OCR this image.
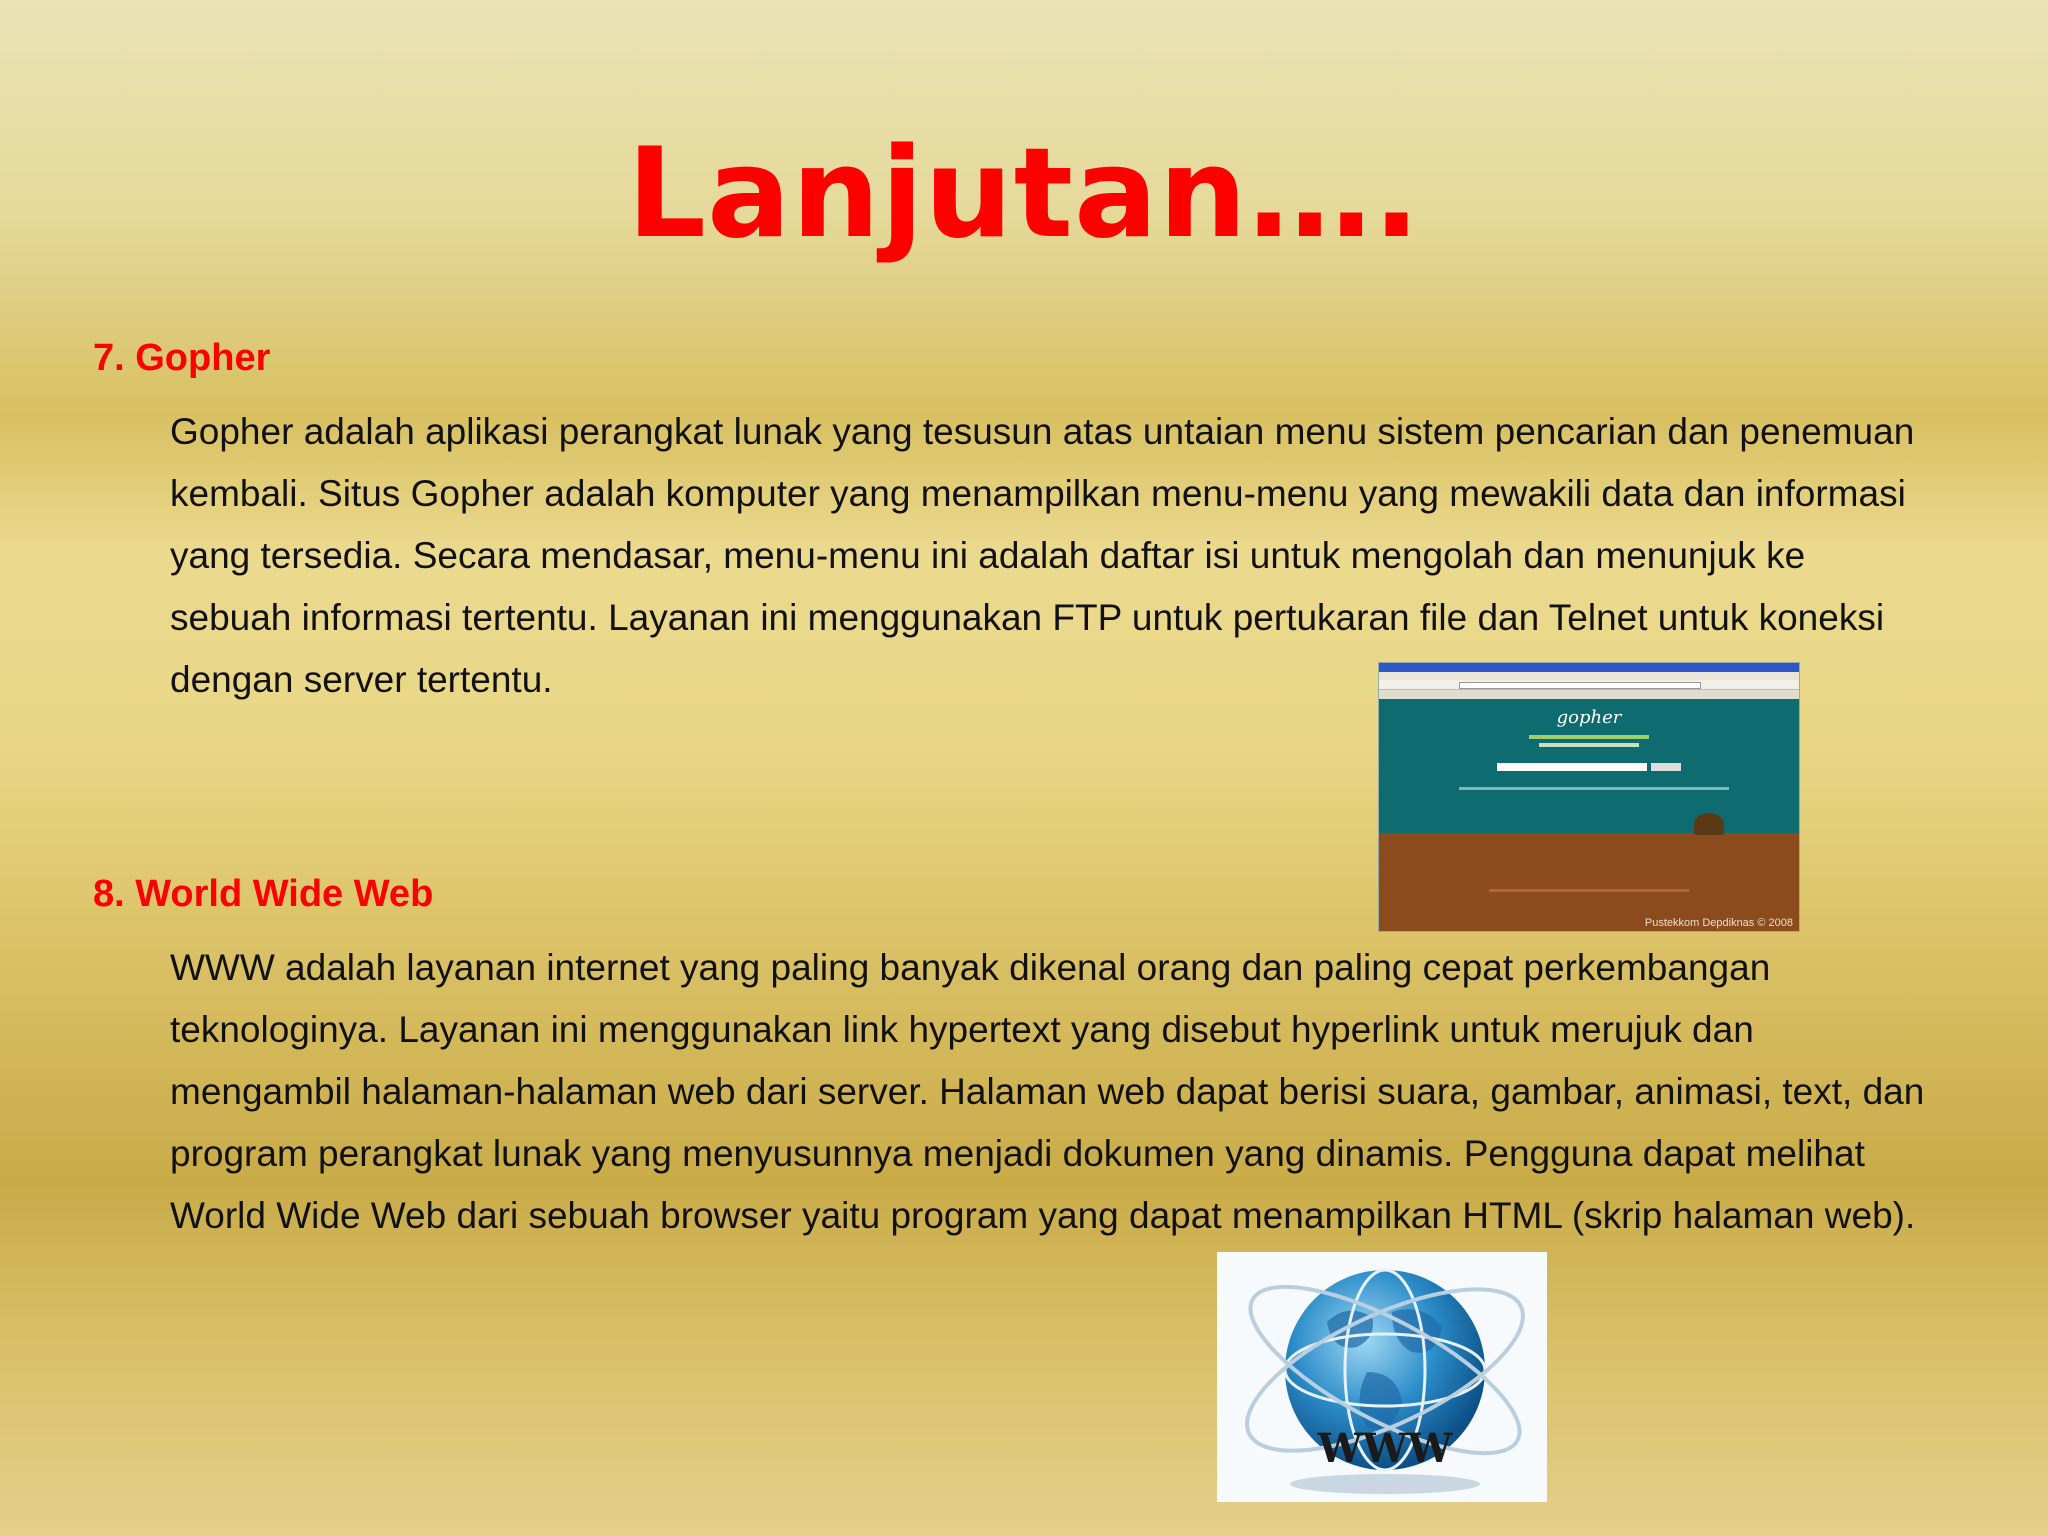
Lanjutan….
7. Gopher
Gopher adalah aplikasi perangkat lunak yang tesusun atas untaian menu sistem pencarian dan penemuan kembali. Situs Gopher adalah komputer yang menampilkan menu-menu yang mewakili data dan informasi yang tersedia. Secara mendasar, menu-menu ini adalah daftar isi untuk mengolah dan menunjuk ke sebuah informasi tertentu. Layanan ini menggunakan FTP untuk pertukaran file dan Telnet untuk koneksi dengan server tertentu.
gopher
Pustekkom Depdiknas © 2008
8. World Wide Web
WWW adalah layanan internet yang paling banyak dikenal orang dan paling cepat perkembangan teknologinya. Layanan ini menggunakan link hypertext yang disebut hyperlink untuk merujuk dan mengambil halaman-halaman web dari server. Halaman web dapat berisi suara, gambar, animasi, text, dan program perangkat lunak yang menyusunnya menjadi dokumen yang dinamis. Pengguna dapat melihat World Wide Web dari sebuah browser yaitu program yang dapat menampilkan HTML (skrip halaman web).
WWW
